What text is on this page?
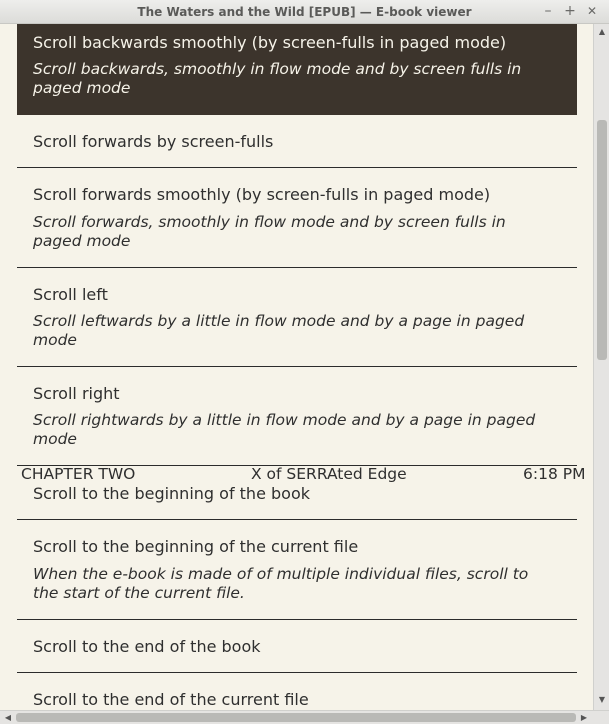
The Waters and the Wild [EPUB] — E-book viewer	– + ✕
Scroll backwards smoothly (by screen-fulls in paged mode)
Scroll backwards, smoothly in flow mode and by screen fulls in paged mode
Scroll forwards by screen-fulls
Scroll forwards smoothly (by screen-fulls in paged mode)
Scroll forwards, smoothly in flow mode and by screen fulls in paged mode
Scroll left
Scroll leftwards by a little in flow mode and by a page in paged mode
Scroll right
Scroll rightwards by a little in flow mode and by a page in paged mode
Scroll to the beginning of the book
Scroll to the beginning of the current file
When the e-book is made of of multiple individual files, scroll to the start of the current file.
Scroll to the end of the book
Scroll to the end of the current file
CHAPTER TWO	X of SERRAted Edge	6:18 PM
▲
▼
◀	▶
